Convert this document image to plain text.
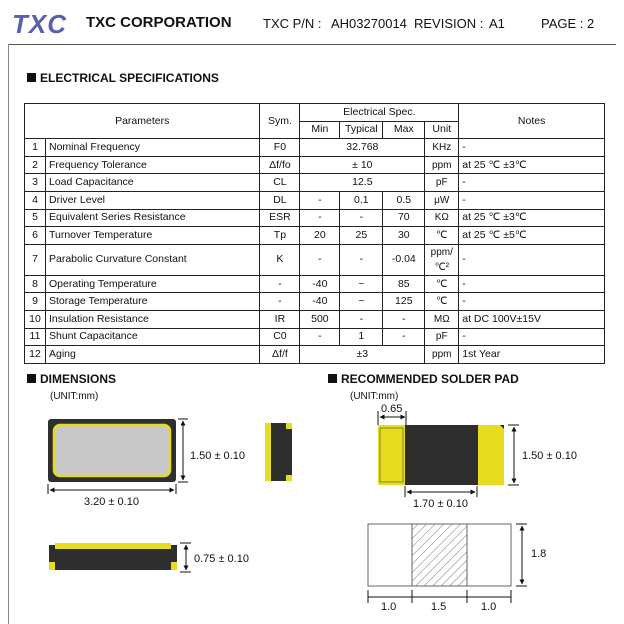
TXC TXC CORPORATION TXC P/N : AH03270014 REVISION : A1	PAGE : 2
ELECTRICAL SPECIFICATIONS
Parameters		Sym.	Electrical Spec.				Notes
			Min	Typical	Max	Unit	
1	Nominal Frequency	F0	32.768			KHz	-
2	Frequency Tolerance	Δf/fo	± 10			ppm	at 25 ℃ ±3℃
3	Load Capacitance	CL	12.5			pF	-
4	Driver Level	DL	-	0.1	0.5	μW	-
5	Equivalent Series Resistance	ESR	-	-	70	KΩ	at 25 ℃ ±3℃
6	Turnover Temperature	Tp	20	25	30	℃	at 25 ℃ ±5℃
7	Parabolic Curvature Constant	K	-	-	-0.04	ppm/℃²	-
8	Operating Temperature	-	-40	~	85	℃	-
9	Storage Temperature	-	-40	~	125	℃	-
10	Insulation Resistance	IR	500	-	-	MΩ	at DC 100V±15V
11	Shunt Capacitance	C0	-	1	-	pF	-
12	Aging	Δf/f	±3			ppm	1st Year
DIMENSIONS
(UNIT:mm)
1.50 ± 0.10
3.20 ± 0.10
0.75 ± 0.10
RECOMMENDED SOLDER PAD
(UNIT:mm)
0.65
1.50 ± 0.10
1.70 ± 0.10
1.8
1.0	1.5	1.0
